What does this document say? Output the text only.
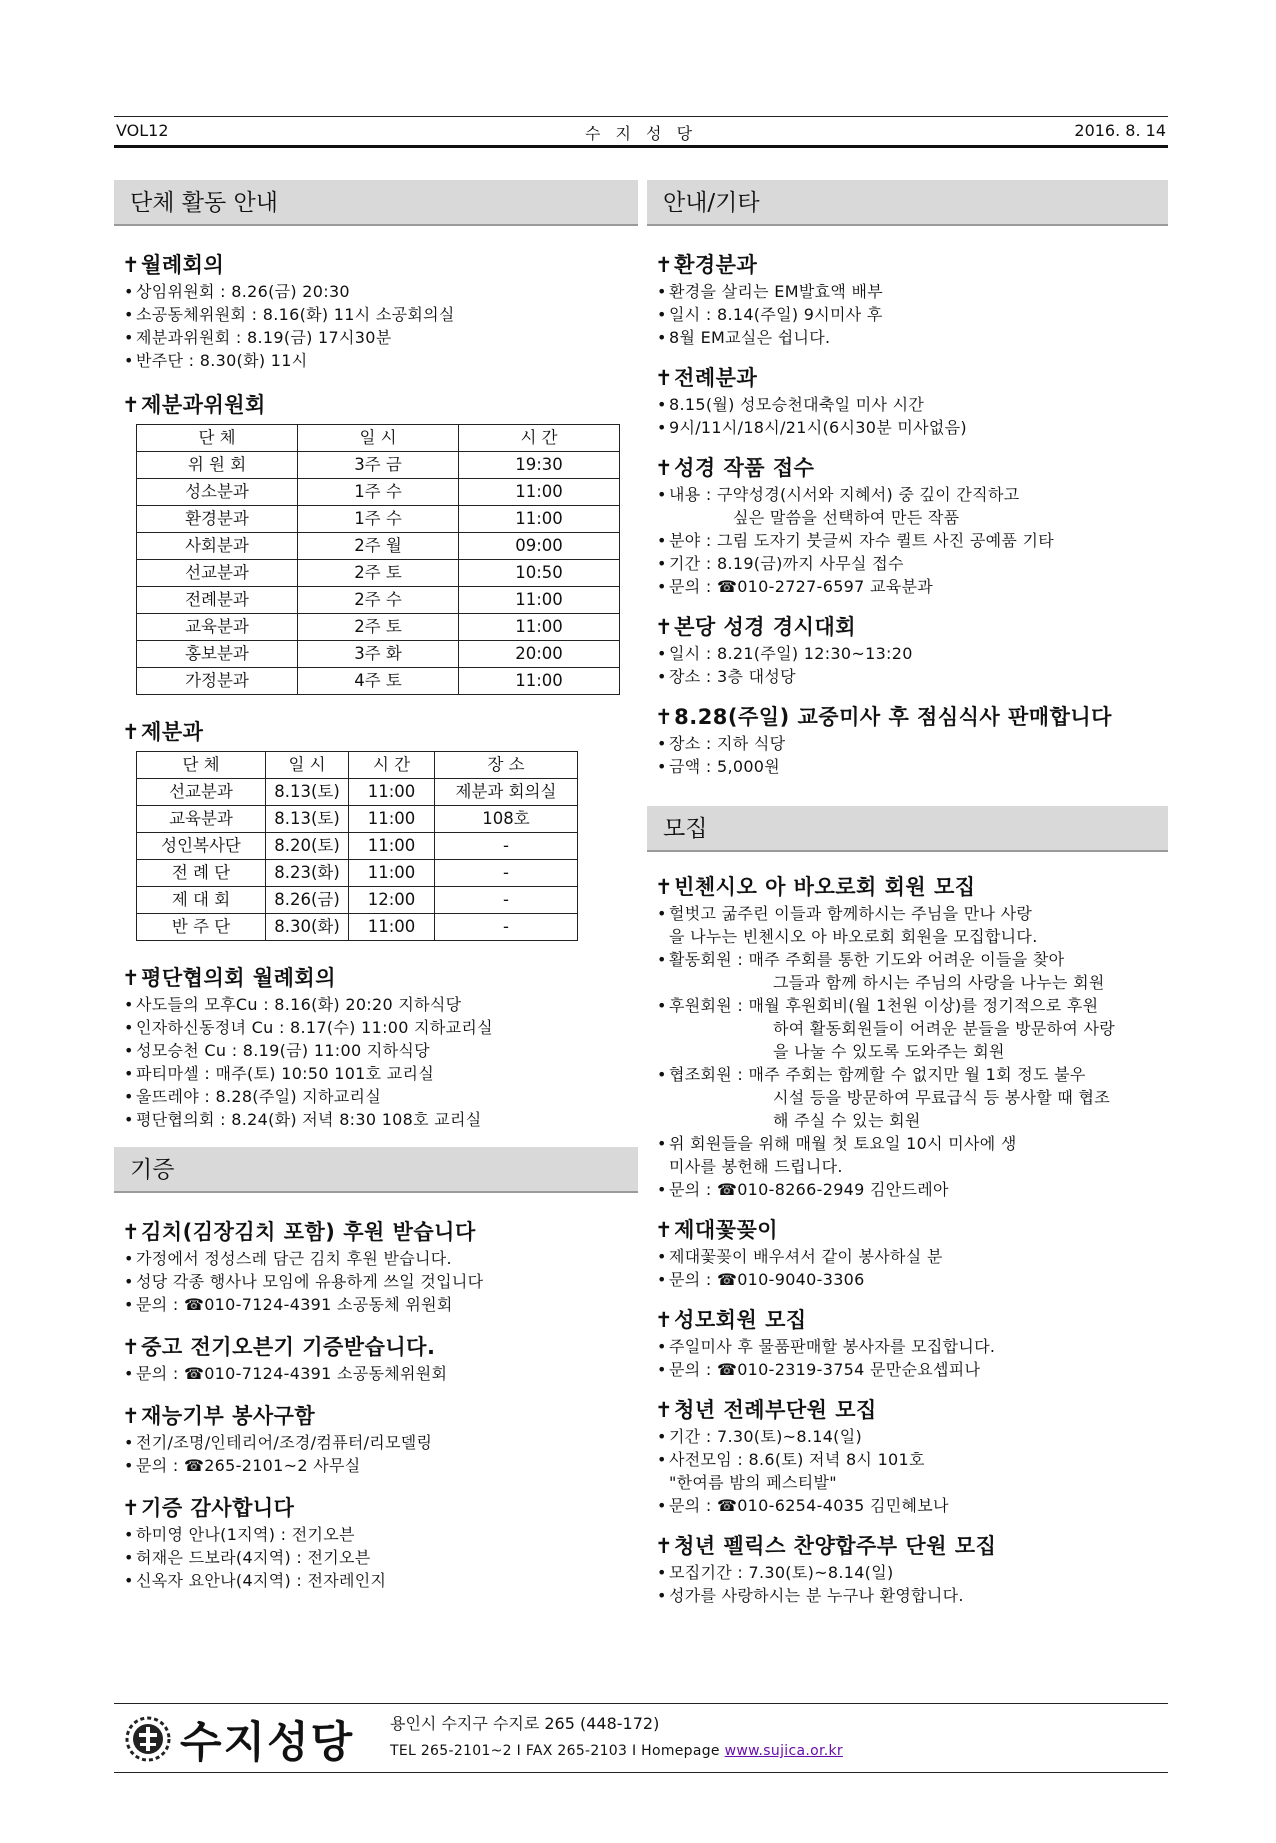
VOL12	수 지 성 당	2016. 8. 14
단체 활동 안내
✝월례회의
• 상임위원회 : 8.26(금) 20:30
• 소공동체위원회 : 8.16(화) 11시 소공회의실
• 제분과위원회 : 8.19(금) 17시30분
• 반주단 : 8.30(화) 11시
✝제분과위원회
단 체	일 시	시 간
위 원 회	3주 금	19:30
성소분과	1주 수	11:00
환경분과	1주 수	11:00
사회분과	2주 월	09:00
선교분과	2주 토	10:50
전례분과	2주 수	11:00
교육분과	2주 토	11:00
홍보분과	3주 화	20:00
가정분과	4주 토	11:00
✝제분과
단 체	일 시	시 간	장 소
선교분과	8.13(토)	11:00	제분과 회의실
교육분과	8.13(토)	11:00	108호
성인복사단	8.20(토)	11:00	-
전 례 단	8.23(화)	11:00	-
제 대 회	8.26(금)	12:00	-
반 주 단	8.30(화)	11:00	-
✝평단협의회 월례회의
• 사도들의 모후Cu : 8.16(화) 20:20 지하식당
• 인자하신동정녀 Cu : 8.17(수) 11:00 지하교리실
• 성모승천 Cu : 8.19(금) 11:00 지하식당
• 파티마셀 : 매주(토) 10:50 101호 교리실
• 울뜨레야 : 8.28(주일) 지하교리실
• 평단협의회 : 8.24(화) 저녁 8:30 108호 교리실
기증
✝김치(김장김치 포함) 후원 받습니다
• 가정에서 정성스레 담근 김치 후원 받습니다.
• 성당 각종 행사나 모임에 유용하게 쓰일 것입니다
• 문의 : ☎010-7124-4391 소공동체 위원회
✝중고 전기오븐기 기증받습니다.
• 문의 : ☎010-7124-4391 소공동체위원회
✝재능기부 봉사구함
• 전기/조명/인테리어/조경/컴퓨터/리모델링
• 문의 : ☎265-2101~2 사무실
✝기증 감사합니다
• 하미영 안나(1지역) : 전기오븐
• 허재은 드보라(4지역) : 전기오븐
• 신옥자 요안나(4지역) : 전자레인지
안내/기타
✝환경분과
• 환경을 살리는 EM발효액 배부
• 일시 : 8.14(주일) 9시미사 후
• 8월 EM교실은 쉽니다.
✝전례분과
• 8.15(월) 성모승천대축일 미사 시간
• 9시/11시/18시/21시(6시30분 미사없음)
✝성경 작품 접수
• 내용 : 구약성경(시서와 지혜서) 중 깊이 간직하고
싶은 말씀을 선택하여 만든 작품
• 분야 : 그림 도자기 붓글씨 자수 퀼트 사진 공예품 기타
• 기간 : 8.19(금)까지 사무실 접수
• 문의 : ☎010-2727-6597 교육분과
✝본당 성경 경시대회
• 일시 : 8.21(주일) 12:30~13:20
• 장소 : 3층 대성당
✝8.28(주일) 교중미사 후 점심식사 판매합니다
• 장소 : 지하 식당
• 금액 : 5,000원
모집
✝빈첸시오 아 바오로회 회원 모집
• 헐벗고 굶주린 이들과 함께하시는 주님을 만나 사랑
을 나누는 빈첸시오 아 바오로회 회원을 모집합니다.
• 활동회원 : 매주 주회를 통한 기도와 어려운 이들을 찾아
그들과 함께 하시는 주님의 사랑을 나누는 회원
• 후원회원 : 매월 후원회비(월 1천원 이상)를 정기적으로 후원
하여 활동회원들이 어려운 분들을 방문하여 사랑
을 나눌 수 있도록 도와주는 회원
• 협조회원 : 매주 주회는 함께할 수 없지만 월 1회 정도 불우
시설 등을 방문하여 무료급식 등 봉사할 때 협조
해 주실 수 있는 회원
• 위 회원들을 위해 매월 첫 토요일 10시 미사에 생
미사를 봉헌해 드립니다.
• 문의 : ☎010-8266-2949 김안드레아
✝제대꽃꽂이
• 제대꽃꽂이 배우셔서 같이 봉사하실 분
• 문의 : ☎010-9040-3306
✝성모회원 모집
• 주일미사 후 물품판매할 봉사자를 모집합니다.
• 문의 : ☎010-2319-3754 문만순요셉피나
✝청년 전례부단원 모집
• 기간 : 7.30(토)~8.14(일)
• 사전모임 : 8.6(토) 저녁 8시 101호
"한여름 밤의 페스티발"
• 문의 : ☎010-6254-4035 김민혜보나
✝청년 펠릭스 찬양합주부 단원 모집
• 모집기간 : 7.30(토)~8.14(일)
• 성가를 사랑하시는 분 누구나 환영합니다.
수지성당 용인시 수지구 수지로 265 (448-172)
TEL 265-2101~2 I FAX 265-2103 I Homepage www.sujica.or.kr
